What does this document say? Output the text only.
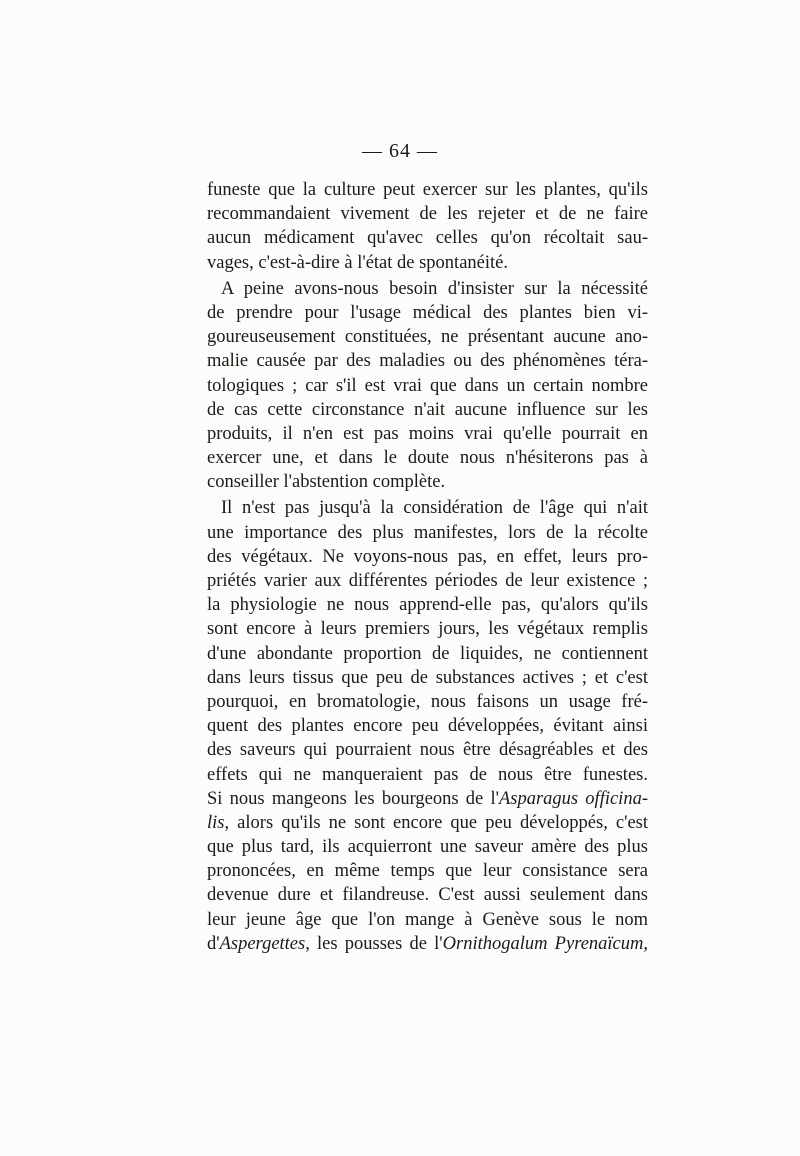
— 64 —
funeste que la culture peut exercer sur les plantes, qu'ils
recommandaient vivement de les rejeter et de ne faire
aucun médicament qu'avec celles qu'on récoltait sau-
vages, c'est-à-dire à l'état de spontanéité.
A peine avons-nous besoin d'insister sur la nécessité
de prendre pour l'usage médical des plantes bien vi-
goureuseusement constituées, ne présentant aucune ano-
malie causée par des maladies ou des phénomènes téra-
tologiques ; car s'il est vrai que dans un certain nombre
de cas cette circonstance n'ait aucune influence sur les
produits, il n'en est pas moins vrai qu'elle pourrait en
exercer une, et dans le doute nous n'hésiterons pas à
conseiller l'abstention complète.
Il n'est pas jusqu'à la considération de l'âge qui n'ait
une importance des plus manifestes, lors de la récolte
des végétaux. Ne voyons-nous pas, en effet, leurs pro-
priétés varier aux différentes périodes de leur existence ;
la physiologie ne nous apprend-elle pas, qu'alors qu'ils
sont encore à leurs premiers jours, les végétaux remplis
d'une abondante proportion de liquides, ne contiennent
dans leurs tissus que peu de substances actives ; et c'est
pourquoi, en bromatologie, nous faisons un usage fré-
quent des plantes encore peu développées, évitant ainsi
des saveurs qui pourraient nous être désagréables et des
effets qui ne manqueraient pas de nous être funestes.
Si nous mangeons les bourgeons de l'Asparagus officina-
lis, alors qu'ils ne sont encore que peu développés, c'est
que plus tard, ils acquierront une saveur amère des plus
prononcées, en même temps que leur consistance sera
devenue dure et filandreuse. C'est aussi seulement dans
leur jeune âge que l'on mange à Genève sous le nom
d'Aspergettes, les pousses de l'Ornithogalum Pyrenaïcum,
